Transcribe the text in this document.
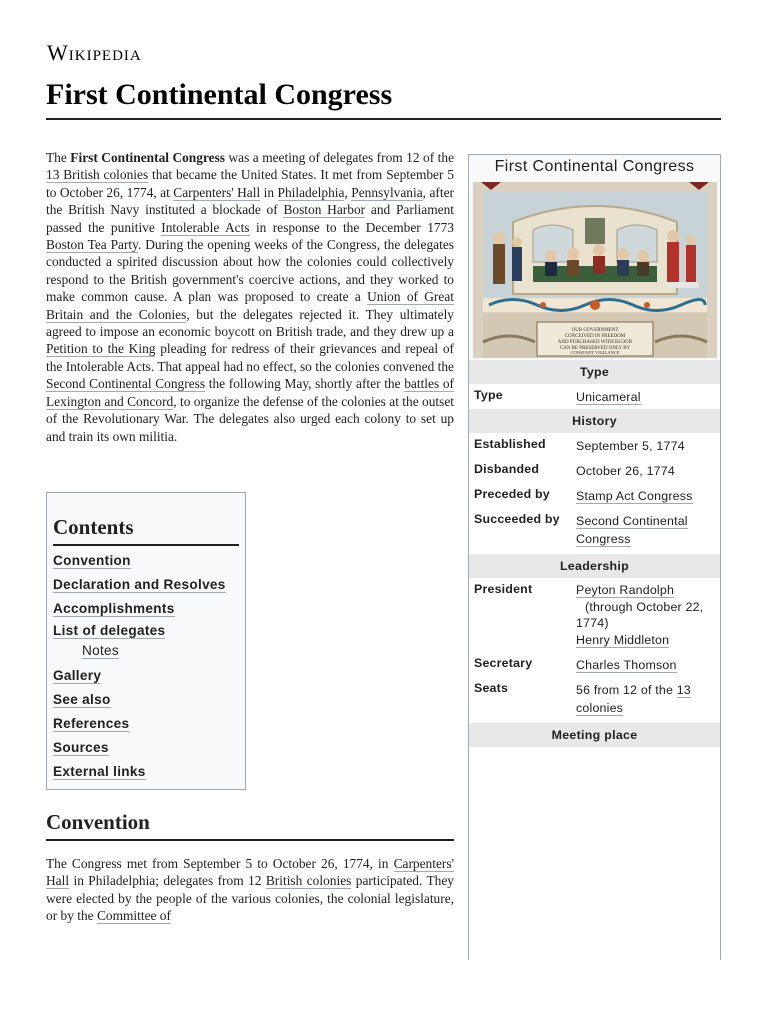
Wikipedia
First Continental Congress

The First Continental Congress was a meeting of delegates from 12 of the 13 British colonies that became the United States. It met from September 5 to October 26, 1774, at Carpenters' Hall in Philadelphia, Pennsylvania, after the British Navy instituted a blockade of Boston Harbor and Parliament passed the punitive Intolerable Acts in response to the December 1773 Boston Tea Party. During the opening weeks of the Congress, the delegates conducted a spirited discussion about how the colonies could collectively respond to the British government's coercive actions, and they worked to make common cause. A plan was proposed to create a Union of Great Britain and the Colonies, but the delegates rejected it. They ultimately agreed to impose an economic boycott on British trade, and they drew up a Petition to the King pleading for redress of their grievances and repeal of the Intolerable Acts. That appeal had no effect, so the colonies convened the Second Continental Congress the following May, shortly after the battles of Lexington and Concord, to organize the defense of the colonies at the outset of the Revolutionary War. The delegates also urged each colony to set up and train its own militia.

Contents
Convention
Declaration and Resolves
Accomplishments
List of delegates
Notes
Gallery
See also
References
Sources
External links
Convention

The Congress met from September 5 to October 26, 1774, in Carpenters' Hall in Philadelphia; delegates from 12 British colonies participated. They were elected by the people of the various colonies, the colonial legislature, or by the Committee of

First Continental Congress
OUR GOVERNMENT
CONCEIVED IN FREEDOM
AND PURCHASED WITH BLOOD
CAN BE PRESERVED ONLY BY
CONSTANT VIGILANCE
Type
Type	Unicameral
History
Established	September 5, 1774
Disbanded	October 26, 1774
Preceded by	Stamp Act Congress
Succeeded by	Second Continental Congress
Leadership
President	Peyton Randolph
(through October 22, 1774)
Henry Middleton
Secretary	Charles Thomson
Seats	56 from 12 of the 13 colonies
Meeting place
